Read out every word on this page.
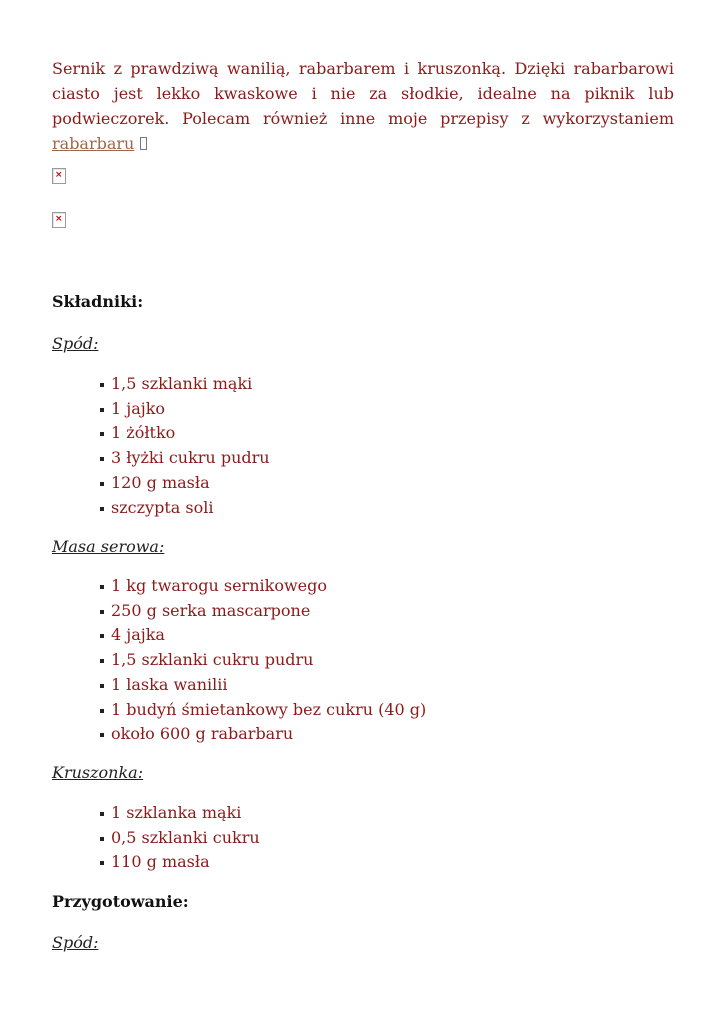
Sernik z prawdziwą wanilią, rabarbarem i kruszonką. Dzięki rabarbarowi ciasto jest lekko kwaskowe i nie za słodkie, idealne na piknik lub podwieczorek. Polecam również inne moje przepisy z wykorzystaniem rabarbaru

×
×
Składniki:

Spód:

1,5 szklanki mąki
1 jajko
1 żółtko
3 łyżki cukru pudru
120 g masła
szczypta soli

Masa serowa:

1 kg twarogu sernikowego
250 g serka mascarpone
4 jajka
1,5 szklanki cukru pudru
1 laska wanilii
1 budyń śmietankowy bez cukru (40 g)
około 600 g rabarbaru

Kruszonka:

1 szklanka mąki
0,5 szklanki cukru
110 g masła
Przygotowanie:

Spód:
